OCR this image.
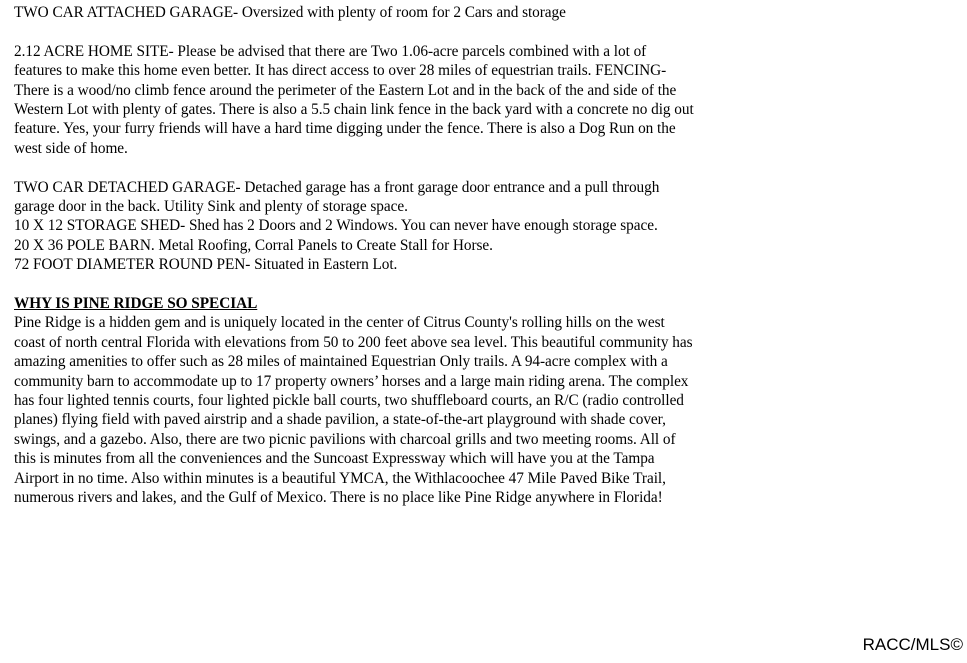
TWO CAR ATTACHED GARAGE- Oversized with plenty of room for 2 Cars and storage

2.12 ACRE HOME SITE- Please be advised that there are Two 1.06-acre parcels combined with a lot of
features to make this home even better. It has direct access to over 28 miles of equestrian trails. FENCING-
There is a wood/no climb fence around the perimeter of the Eastern Lot and in the back of the and side of the
Western Lot with plenty of gates. There is also a 5.5 chain link fence in the back yard with a concrete no dig out
feature. Yes, your furry friends will have a hard time digging under the fence. There is also a Dog Run on the
west side of home.

TWO CAR DETACHED GARAGE- Detached garage has a front garage door entrance and a pull through
garage door in the back. Utility Sink and plenty of storage space.

10 X 12 STORAGE SHED- Shed has 2 Doors and 2 Windows. You can never have enough storage space.

20 X 36 POLE BARN. Metal Roofing, Corral Panels to Create Stall for Horse.

72 FOOT DIAMETER ROUND PEN- Situated in Eastern Lot.

WHY IS PINE RIDGE SO SPECIAL

Pine Ridge is a hidden gem and is uniquely located in the center of Citrus County's rolling hills on the west
coast of north central Florida with elevations from 50 to 200 feet above sea level. This beautiful community has
amazing amenities to offer such as 28 miles of maintained Equestrian Only trails. A 94-acre complex with a
community barn to accommodate up to 17 property owners’ horses and a large main riding arena. The complex
has four lighted tennis courts, four lighted pickle ball courts, two shuffleboard courts, an R/C (radio controlled
planes) flying field with paved airstrip and a shade pavilion, a state-of-the-art playground with shade cover,
swings, and a gazebo. Also, there are two picnic pavilions with charcoal grills and two meeting rooms. All of
this is minutes from all the conveniences and the Suncoast Expressway which will have you at the Tampa
Airport in no time. Also within minutes is a beautiful YMCA, the Withlacoochee 47 Mile Paved Bike Trail,
numerous rivers and lakes, and the Gulf of Mexico. There is no place like Pine Ridge anywhere in Florida!

RACC/MLS©
